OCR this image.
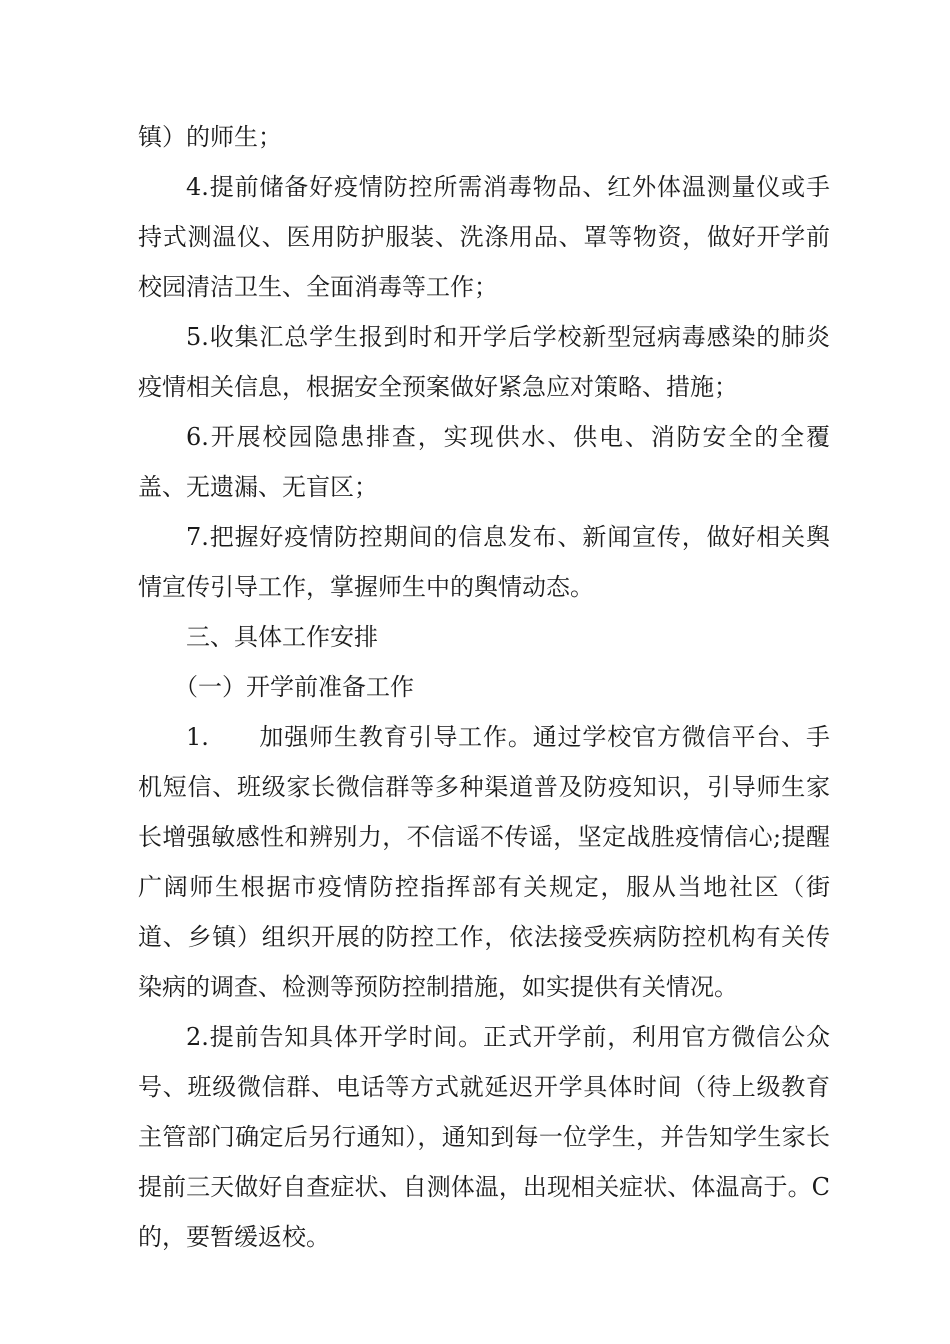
镇）的师生；

4.提前储备好疫情防控所需消毒物品、红外体温测量仪或手持式测温仪、医用防护服装、洗涤用品、罩等物资，做好开学前校园清洁卫生、全面消毒等工作；

5.收集汇总学生报到时和开学后学校新型冠病毒感染的肺炎疫情相关信息，根据安全预案做好紧急应对策略、措施；

6.开展校园隐患排查，实现供水、供电、消防安全的全覆盖、无遗漏、无盲区；

7.把握好疫情防控期间的信息发布、新闻宣传，做好相关舆情宣传引导工作，掌握师生中的舆情动态。

三、具体工作安排

（一）开学前准备工作

1.　　加强师生教育引导工作。通过学校官方微信平台、手机短信、班级家长微信群等多种渠道普及防疫知识，引导师生家长增强敏感性和辨别力，不信谣不传谣，坚定战胜疫情信心;提醒广阔师生根据市疫情防控指挥部有关规定，服从当地社区（街道、乡镇）组织开展的防控工作，依法接受疾病防控机构有关传染病的调查、检测等预防控制措施，如实提供有关情况。

2.提前告知具体开学时间。正式开学前，利用官方微信公众号、班级微信群、电话等方式就延迟开学具体时间（待上级教育主管部门确定后另行通知），通知到每一位学生，并告知学生家长提前三天做好自查症状、自测体温，出现相关症状、体温高于。C的，要暂缓返校。
